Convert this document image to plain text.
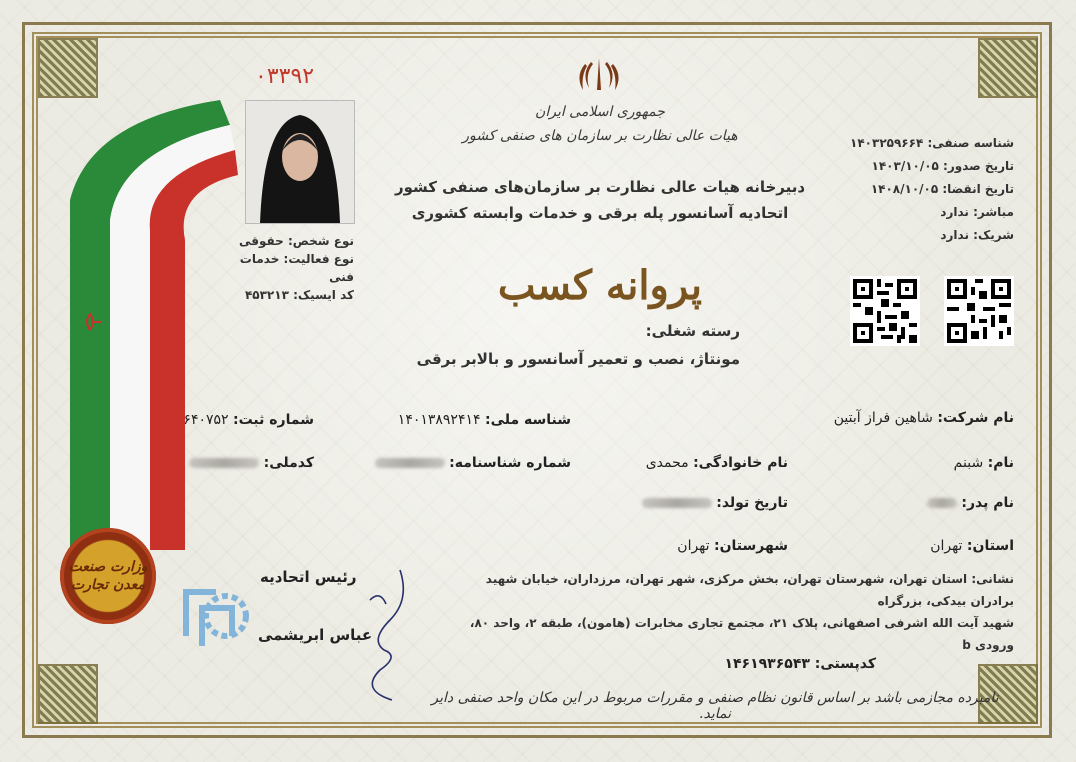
۰۳۳۹۲
نوع شخص: حقوقی
نوع فعالیت: خدمات فنی
کد ایسیک: ۴۵۳۲۱۳
جمهوری اسلامی ایران
هیات عالی نظارت بر سازمان های صنفی کشور
دبیرخانه هیات عالی نظارت بر سازمان‌های صنفی کشور
اتحادیه آسانسور پله برقی و خدمات وابسته کشوری
پروانه کسب
رسته شغلی:
مونتاژ، نصب و تعمیر آسانسور و بالابر برقی
شناسه صنفی: ۱۴۰۳۲۵۹۶۶۴
تاریخ صدور: ۱۴۰۳/۱۰/۰۵
تاریخ انقضا: ۱۴۰۸/۱۰/۰۵
مباشر: ندارد
شریک: ندارد
نام شرکت: شاهین فراز آبتین
شناسه ملی: ۱۴۰۱۳۸۹۲۴۱۴
شماره ثبت: ۶۴۰۷۵۲
نام: شبنم
نام خانوادگی: محمدی
شماره شناسنامه:
کدملی:
نام پدر:
تاریخ تولد:
استان: تهران
شهرستان: تهران
نشانی: استان تهران، شهرستان تهران، بخش مرکزی، شهر تهران، مرزداران، خیابان شهید برادران بیدکی، بزرگراه
شهید آیت الله اشرفی اصفهانی، پلاک ۲۱، مجتمع تجاری مخابرات (هامون)، طبقه ۲، واحد ۸۰، ورودی b
کدپستی: ۱۴۶۱۹۳۶۵۴۳
رئیس اتحادیه
عباس ابریشمی
وزارت صنعت معدن تجارت
نامبرده مجازمی باشد بر اساس قانون نظام صنفی و مقررات مربوط در این مکان واحد صنفی دایر نماید.
